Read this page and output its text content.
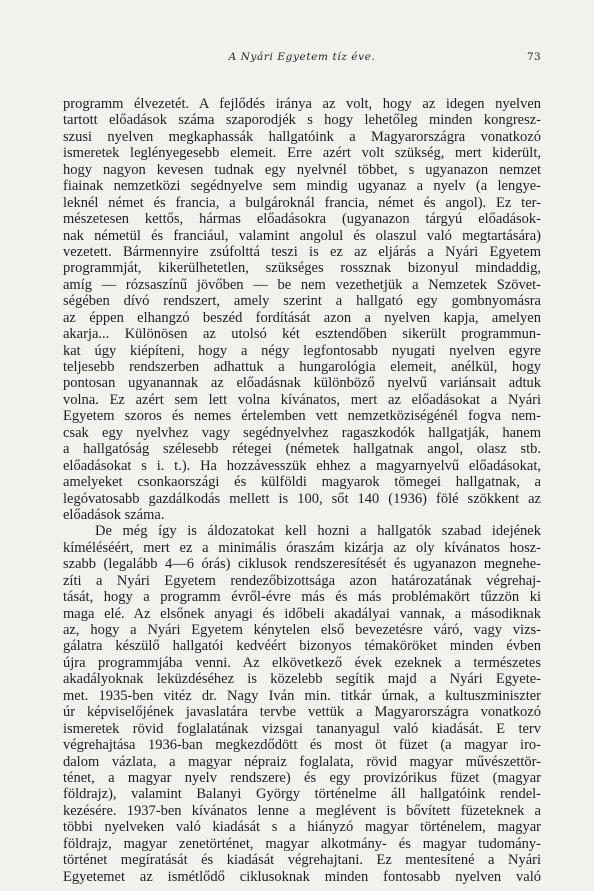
A Nyári Egyetem tíz éve.	73
programm élvezetét. A fejlődés iránya az volt, hogy az idegen nyelven
tartott előadások száma szaporodjék s hogy lehetőleg minden kongresz-
szusi nyelven megkaphassák hallgatóink a Magyarországra vonatkozó
ismeretek leglényegesebb elemeit. Erre azért volt szükség, mert kiderült,
hogy nagyon kevesen tudnak egy nyelvnél többet, s ugyanazon nemzet
fiainak nemzetközi segédnyelve sem mindig ugyanaz a nyelv (a lengye-
leknél német és francia, a bulgároknál francia, német és angol). Ez ter-
mészetesen kettős, hármas előadásokra (ugyanazon tárgyú előadások-
nak németül és franciául, valamint angolul és olaszul való megtartására)
vezetett. Bármennyire zsúfolttá teszi is ez az eljárás a Nyári Egyetem
programmját, kikerülhetetlen, szükséges rossznak bizonyul mindaddig,
amíg — rózsaszínű jövőben — be nem vezethetjük a Nemzetek Szövet-
ségében dívó rendszert, amely szerint a hallgató egy gombnyomásra
az éppen elhangzó beszéd fordítását azon a nyelven kapja, amelyen
akarja... Különösen az utolsó két esztendőben sikerült programmun-
kat úgy kiépíteni, hogy a négy legfontosabb nyugati nyelven egyre
teljesebb rendszerben adhattuk a hungarológia elemeit, anélkül, hogy
pontosan ugyanannak az előadásnak különböző nyelvű variánsait adtuk
volna. Ez azért sem lett volna kívánatos, mert az előadásokat a Nyári
Egyetem szoros és nemes értelemben vett nemzetköziségénél fogva nem-
csak egy nyelvhez vagy segédnyelvhez ragaszkodók hallgatják, hanem
a hallgatóság szélesebb rétegei (németek hallgatnak angol, olasz stb.
előadásokat s i. t.). Ha hozzávesszük ehhez a magyarnyelvű előadásokat,
amelyeket csonkaországi és külföldi magyarok tömegei hallgatnak, a
legóvatosabb gazdálkodás mellett is 100, sőt 140 (1936) fölé szökkent az
előadások száma.
De még így is áldozatokat kell hozni a hallgatók szabad idejének
kíméléséért, mert ez a minimális óraszám kizárja az oly kívánatos hosz-
szabb (legalább 4—6 órás) ciklusok rendszeresítését és ugyanazon megnehe-
zíti a Nyári Egyetem rendezőbizottsága azon határozatának végrehaj-
tását, hogy a programm évről-évre más és más problémakört tűzzön ki
maga elé. Az elsőnek anyagi és időbeli akadályai vannak, a másodiknak
az, hogy a Nyári Egyetem kénytelen első bevezetésre váró, vagy vizs-
gálatra készülő hallgatói kedvéért bizonyos témaköröket minden évben
újra programmjába venni. Az elkövetkező évek ezeknek a természetes
akadályoknak leküzdéséhez is közelebb segítik majd a Nyári Egyete-
met. 1935-ben vitéz dr. Nagy Iván min. titkár úrnak, a kultuszminiszter
úr képviselőjének javaslatára tervbe vettük a Magyarországra vonatkozó
ismeretek rövid foglalatának vizsgai tananyagul való kiadását. E terv
végrehajtása 1936-ban megkezdődött és most öt füzet (a magyar iro-
dalom vázlata, a magyar népraiz foglalata, rövid magyar művészettör-
ténet, a magyar nyelv rendszere) és egy provizórikus füzet (magyar
földrajz), valamint Balanyi György történelme áll hallgatóink rendel-
kezésére. 1937-ben kívánatos lenne a meglévent is bővített füzeteknek a
többi nyelveken való kiadását s a hiányzó magyar történelem, magyar
földrajz, magyar zenetörténet, magyar alkotmány- és magyar tudomány-
történet megíratását és kiadását végrehajtani. Ez mentesítené a Nyári
Egyetemet az ismétlődő ciklusoknak minden fontosabb nyelven való
